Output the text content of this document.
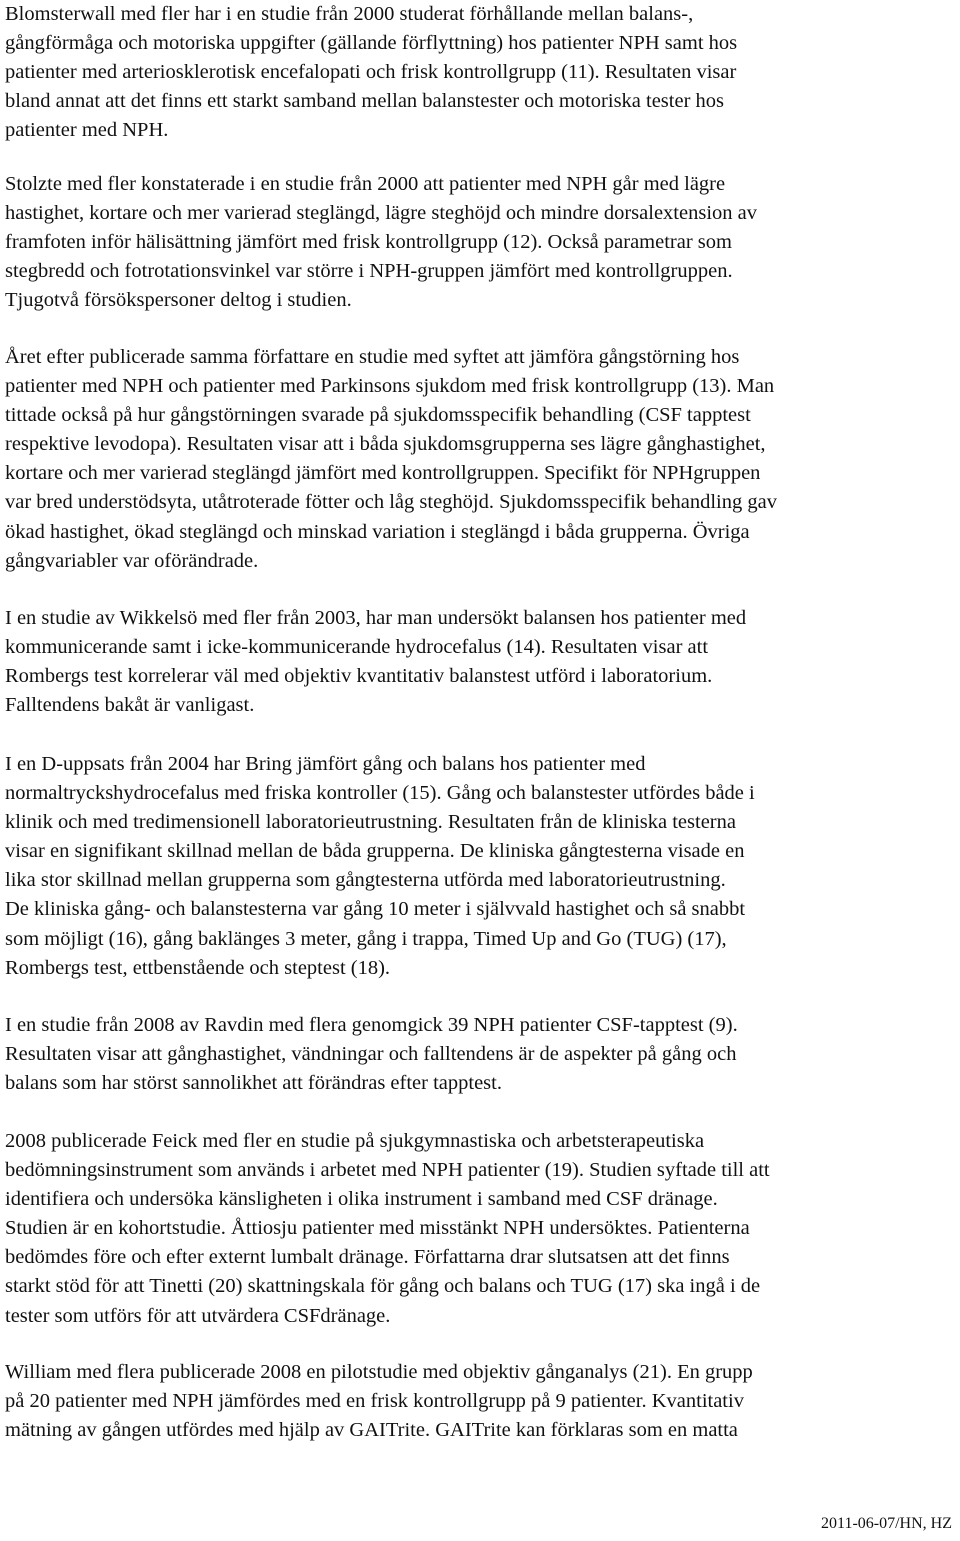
Blomsterwall med fler har i en studie från 2000 studerat förhållande mellan balans-,
gångförmåga och motoriska uppgifter (gällande förflyttning) hos patienter NPH samt hos
patienter med arteriosklerotisk encefalopati och frisk kontrollgrupp (11). Resultaten visar
bland annat att det finns ett starkt samband mellan balanstester och motoriska tester hos
patienter med NPH.

Stolzte med fler konstaterade i en studie från 2000 att patienter med NPH går med lägre
hastighet, kortare och mer varierad steglängd, lägre steghöjd och mindre dorsalextension av
framfoten inför hälisättning jämfört med frisk kontrollgrupp (12). Också parametrar som
stegbredd och fotrotationsvinkel var större i NPH-gruppen jämfört med kontrollgruppen.
Tjugotvå försökspersoner deltog i studien.

Året efter publicerade samma författare en studie med syftet att jämföra gångstörning hos
patienter med NPH och patienter med Parkinsons sjukdom med frisk kontrollgrupp (13). Man
tittade också på hur gångstörningen svarade på sjukdomsspecifik behandling (CSF tapptest
respektive levodopa). Resultaten visar att i båda sjukdomsgrupperna ses lägre gånghastighet,
kortare och mer varierad steglängd jämfört med kontrollgruppen. Specifikt för NPHgruppen
var bred understödsyta, utåtroterade fötter och låg steghöjd. Sjukdomsspecifik behandling gav
ökad hastighet, ökad steglängd och minskad variation i steglängd i båda grupperna. Övriga
gångvariabler var oförändrade.

I en studie av Wikkelsö med fler från 2003, har man undersökt balansen hos patienter med
kommunicerande samt i icke-kommunicerande hydrocefalus (14). Resultaten visar att
Rombergs test korrelerar väl med objektiv kvantitativ balanstest utförd i laboratorium.
Falltendens bakåt är vanligast.

I en D-uppsats från 2004 har Bring jämfört gång och balans hos patienter med
normaltryckshydrocefalus med friska kontroller (15). Gång och balanstester utfördes både i
klinik och med tredimensionell laboratorieutrustning. Resultaten från de kliniska testerna
visar en signifikant skillnad mellan de båda grupperna. De kliniska gångtesterna visade en
lika stor skillnad mellan grupperna som gångtesterna utförda med laboratorieutrustning.
De kliniska gång- och balanstesterna var gång 10 meter i självvald hastighet och så snabbt
som möjligt (16), gång baklänges 3 meter, gång i trappa, Timed Up and Go (TUG) (17),
Rombergs test, ettbenstående och steptest (18).

I en studie från 2008 av Ravdin med flera genomgick 39 NPH patienter CSF-tapptest (9).
Resultaten visar att gånghastighet, vändningar och falltendens är de aspekter på gång och
balans som har störst sannolikhet att förändras efter tapptest.

2008 publicerade Feick med fler en studie på sjukgymnastiska och arbetsterapeutiska
bedömningsinstrument som används i arbetet med NPH patienter (19). Studien syftade till att
identifiera och undersöka känsligheten i olika instrument i samband med CSF dränage.
Studien är en kohortstudie. Åttiosju patienter med misstänkt NPH undersöktes. Patienterna
bedömdes före och efter externt lumbalt dränage. Författarna drar slutsatsen att det finns
starkt stöd för att Tinetti (20) skattningskala för gång och balans och TUG (17) ska ingå i de
tester som utförs för att utvärdera CSFdränage.

William med flera publicerade 2008 en pilotstudie med objektiv gånganalys (21). En grupp
på 20 patienter med NPH jämfördes med en frisk kontrollgrupp på 9 patienter. Kvantitativ
mätning av gången utfördes med hjälp av GAITrite. GAITrite kan förklaras som en matta

2011-06-07/HN, HZ
